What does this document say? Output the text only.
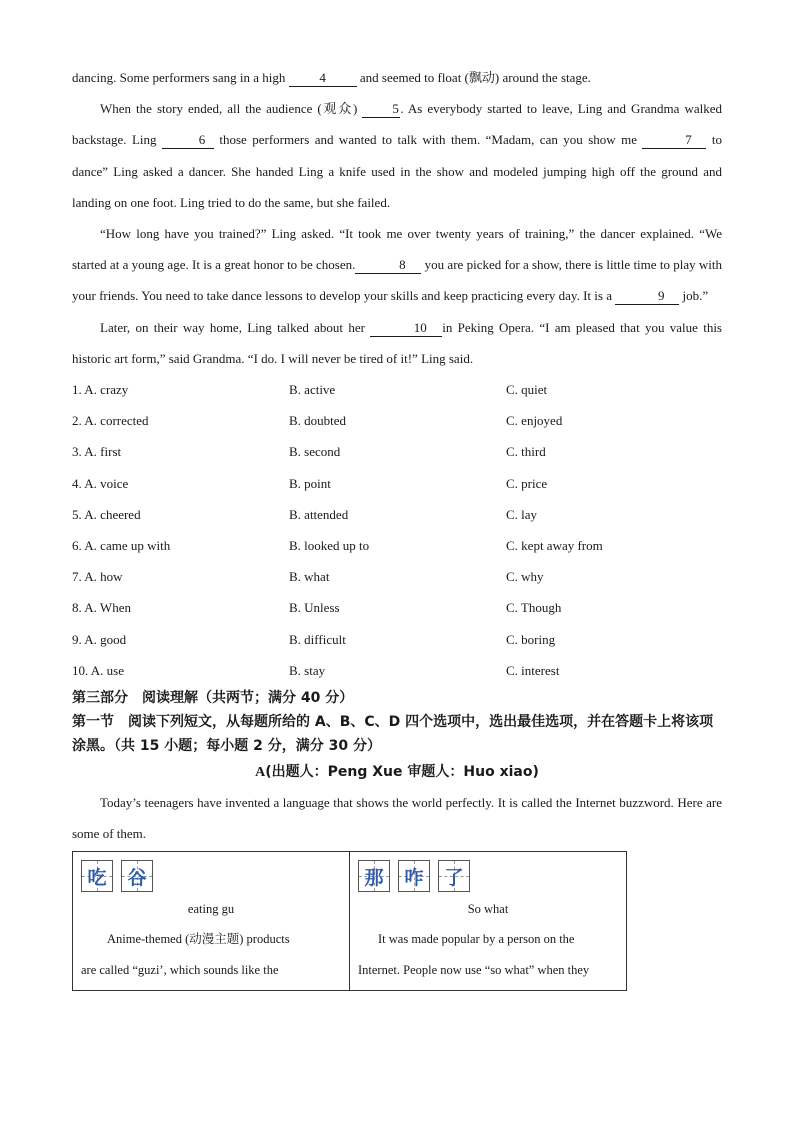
dancing. Some performers sang in a high 4 and seemed to float (飘动) around the stage.

When the story ended, all the audience (观众) 5 . As everybody started to leave, Ling and Grandma walked backstage. Ling	6 those performers and wanted to talk with them. “Madam, can you show me	7 to dance” Ling asked a dancer. She handed Ling a knife used in the show and modeled jumping high off the ground and landing on one foot. Ling tried to do the same, but she failed.

“How long have you trained?” Ling asked. “It took me over twenty years of training,” the dancer explained. “We started at a young age. It is a great honor to be chosen.	8 you are picked for a show, there is little time to play with your friends. You need to take dance lessons to develop your skills and keep practicing every day. It is a	9 job.”

Later, on their way home, Ling talked about her	10 in Peking Opera. “I am pleased that you value this historic art form,” said Grandma. “I do. I will never be tired of it!” Ling said.

1. A. crazy	B. active	C. quiet
2. A. corrected	B. doubted	C. enjoyed
3. A. first	B. second	C. third
4. A. voice	B. point	C. price
5. A. cheered	B. attended	C. lay
6. A. came up with	B. looked up to	C. kept away from
7. A. how	B. what	C. why
8. A. When	B. Unless	C. Though
9. A. good	B. difficult	C. boring
10. A. use	B. stay	C. interest

第三部分　阅读理解（共两节；满分 40 分）

第一节　阅读下列短文，从每题所给的 A、B、C、D 四个选项中，选出最佳选项，并在答题卡上将该项涂黑。（共 15 小题；每小题 2 分，满分 30 分）

A(出题人：Peng Xue 审题人：Huo xiao)

Today’s teenagers have invented a language that shows the world perfectly. It is called the Internet buzzword. Here are some of them.

吃 谷

eating gu

Anime-themed (动漫主题) products

are called “guzi’, which sounds like the

那 咋 了

So what

It was made popular by a person on the

Internet. People now use “so what” when they
